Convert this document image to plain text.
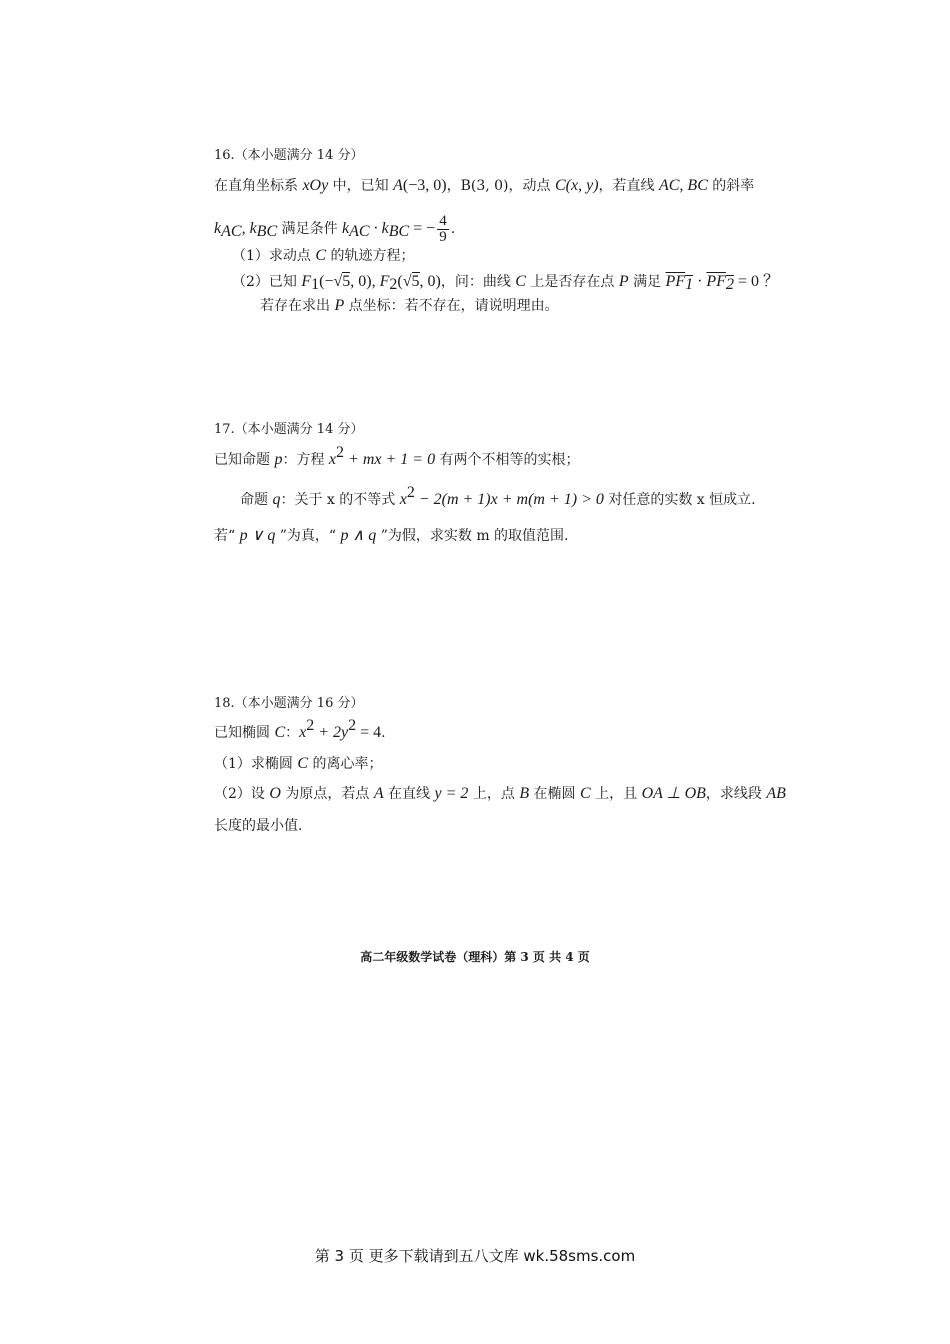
16.（本小题满分 14 分）
在直角坐标系 xOy 中，已知 A(−3, 0)，B(3, 0)，动点 C(x, y)，若直线 AC, BC 的斜率
$k_{AC}$, $k_{BC}$ 满足条件 $k_{AC} \cdot k_{BC}$ = − $\frac{4}{9}$ .
（1）求动点 C 的轨迹方程；
（2）已知 $F_1(-√5$, 0), $F_2(√5$, 0)，问：曲线 C 上是否存在点 P 满足 $PF_1 \cdot PF_2 = 0$ ？
若存在求出 P 点坐标：若不存在，请说明理由。
17.（本小题满分 14 分）
已知命题 p：方程 $x^2$ + mx + 1 = 0 有两个不相等的实根；
命题 q：关于 x 的不等式 $x^2 - 2(m + 1)x + m(m + 1) > 0$ 对任意的实数 x 恒成立.
若“ p ∨ q ”为真，“ p ∧ q ”为假，求实数 m 的取值范围.
18.（本小题满分 16 分）
已知椭圆 C：$x^2 + 2y^2 = 4$.
（1）求椭圆 C 的离心率；
（2）设 O 为原点，若点 A 在直线 y = 2 上，点 B 在椭圆 C 上，且 OA ⊥ OB，求线段 AB
长度的最小值.
高二年级数学试卷（理科）第 3 页 共 4 页
第 3 页 更多下载请到五八文库 wk.58sms.com
